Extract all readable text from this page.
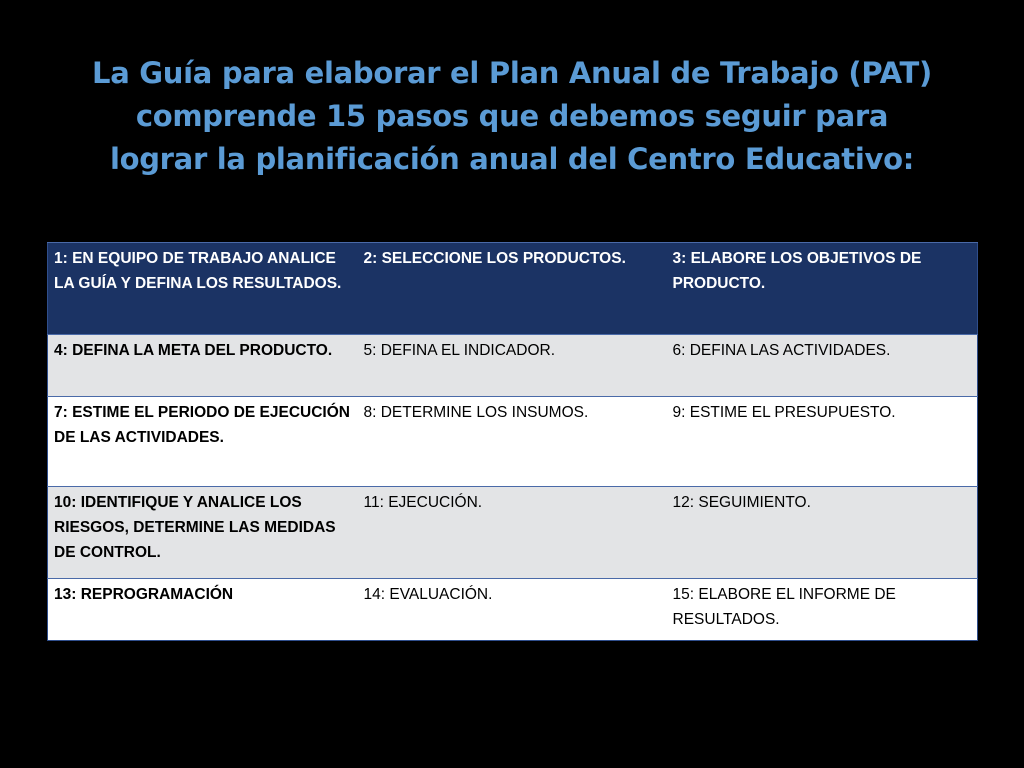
La Guía para elaborar el Plan Anual de Trabajo (PAT)
comprende 15 pasos que debemos seguir para
lograr la planificación anual del Centro Educativo:
1: EN EQUIPO DE TRABAJO ANALICE LA GUÍA Y DEFINA LOS RESULTADOS.	2: SELECCIONE LOS PRODUCTOS.	3: ELABORE LOS OBJETIVOS DE PRODUCTO.
4: DEFINA LA META DEL PRODUCTO.	5: DEFINA EL INDICADOR.	6: DEFINA LAS ACTIVIDADES.
7: ESTIME EL PERIODO DE EJECUCIÓN DE LAS ACTIVIDADES.	8: DETERMINE LOS INSUMOS.	9: ESTIME EL PRESUPUESTO.
10: IDENTIFIQUE Y ANALICE LOS RIESGOS, DETERMINE LAS MEDIDAS DE CONTROL.	11: EJECUCIÓN.	12: SEGUIMIENTO.
13: REPROGRAMACIÓN	14: EVALUACIÓN.	15: ELABORE EL INFORME DE RESULTADOS.
